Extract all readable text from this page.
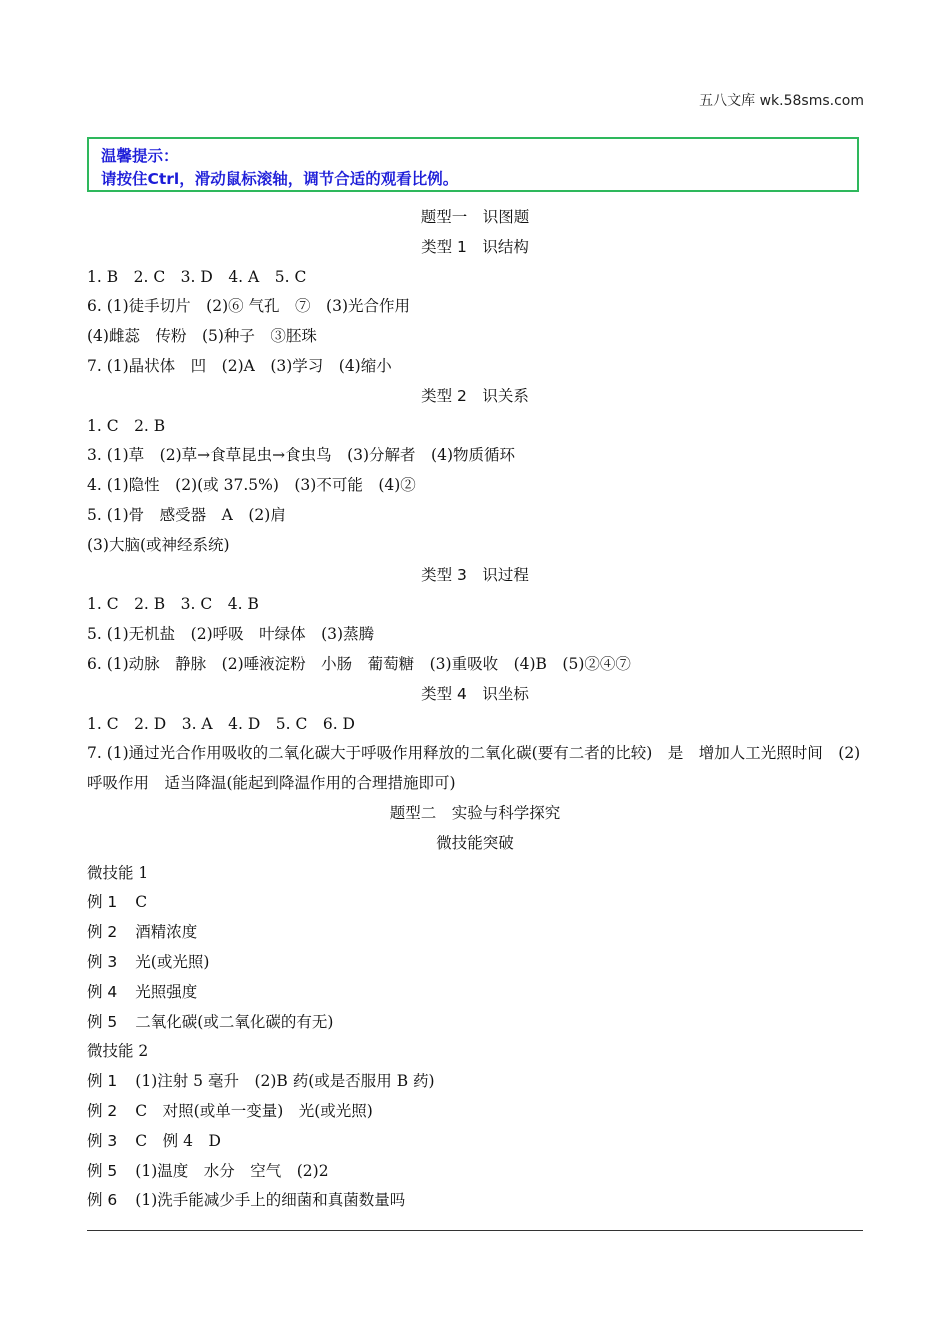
五八文库 wk.58sms.com
温馨提示：
请按住Ctrl，滑动鼠标滚轴，调节合适的观看比例。
题型一　识图题
类型 1　识结构
1. B　2. C　3. D　4. A　5. C
6. (1)徒手切片　(2)⑥ 气孔　⑦　(3)光合作用
(4)雌蕊　传粉　(5)种子　③胚珠
7. (1)晶状体　凹　(2)A　(3)学习　(4)缩小
类型 2　识关系
1. C　2. B
3. (1)草　(2)草→食草昆虫→食虫鸟　(3)分解者　(4)物质循环
4. (1)隐性　(2)(或 37.5%)　(3)不可能　(4)②
5. (1)骨　感受器　A　(2)肩
(3)大脑(或神经系统)
类型 3　识过程
1. C　2. B　3. C　4. B
5. (1)无机盐　(2)呼吸　叶绿体　(3)蒸腾
6. (1)动脉　静脉　(2)唾液淀粉　小肠　葡萄糖　(3)重吸收　(4)B　(5)②④⑦
类型 4　识坐标
1. C　2. D　3. A　4. D　5. C　6. D
7. (1)通过光合作用吸收的二氧化碳大于呼吸作用释放的二氧化碳(要有二者的比较)　是　增加人工光照时间　(2)呼吸作用　适当降温(能起到降温作用的合理措施即可)
题型二　实验与科学探究
微技能突破
微技能 1
例 1 C
例 2 酒精浓度
例 3 光(或光照)
例 4 光照强度
例 5 二氧化碳(或二氧化碳的有无)
微技能 2
例 1 (1)注射 5 毫升　(2)B 药(或是否服用 B 药)
例 2 C　对照(或单一变量)　光(或光照)
例 3 C　例 4　D
例 5 (1)温度　水分　空气　(2)2
例 6 (1)洗手能减少手上的细菌和真菌数量吗
